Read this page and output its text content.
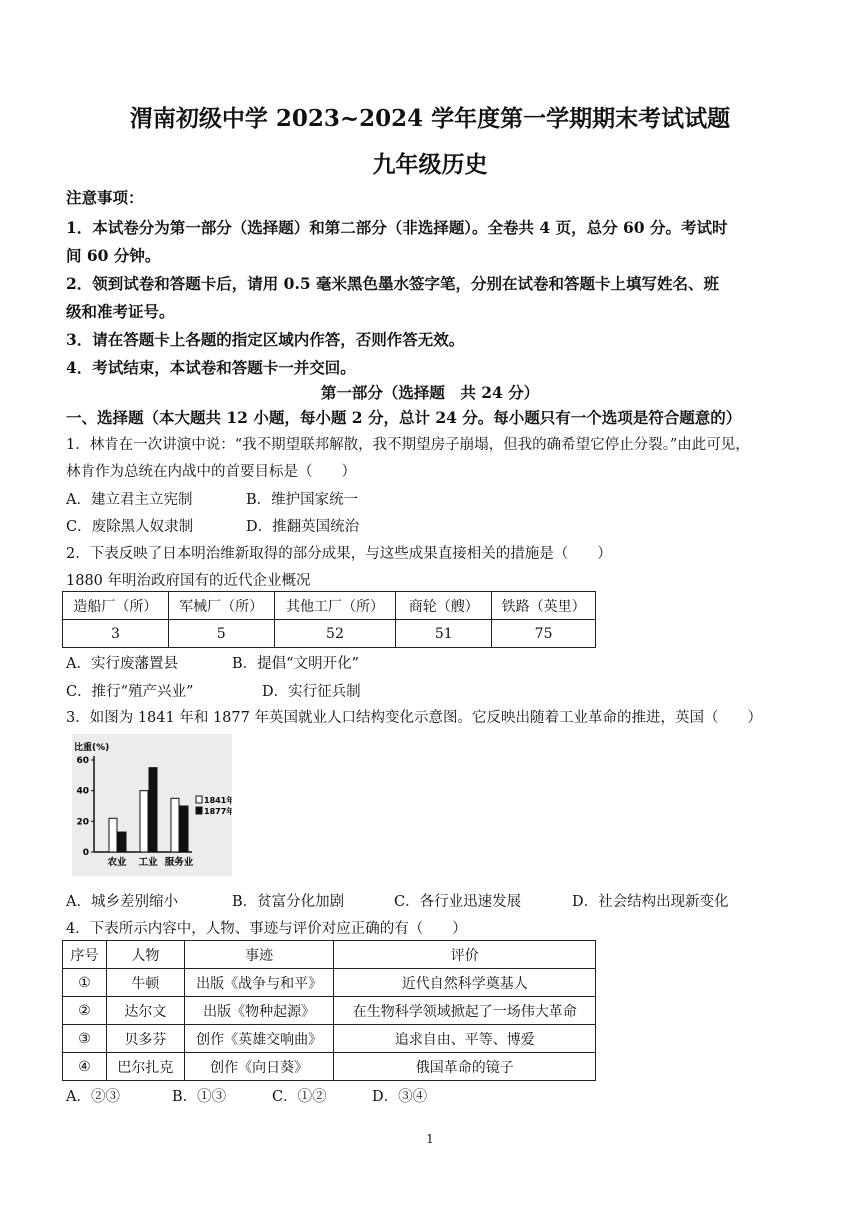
渭南初级中学 2023~2024 学年度第一学期期末考试试题
九年级历史
注意事项：
1．本试卷分为第一部分（选择题）和第二部分（非选择题）。全卷共 4 页，总分 60 分。考试时
间 60 分钟。
2．领到试卷和答题卡后，请用 0.5 毫米黑色墨水签字笔，分别在试卷和答题卡上填写姓名、班
级和准考证号。
3．请在答题卡上各题的指定区域内作答，否则作答无效。
4．考试结束，本试卷和答题卡一并交回。
第一部分（选择题　共 24 分）
一、选择题（本大题共 12 小题，每小题 2 分，总计 24 分。每小题只有一个选项是符合题意的）
1．林肯在一次讲演中说：“我不期望联邦解散，我不期望房子崩塌，但我的确希望它停止分裂。”由此可见，
林肯作为总统在内战中的首要目标是（　　）
A．建立君主立宪制	B．维护国家统一
C．废除黑人奴隶制	D．推翻英国统治
2．下表反映了日本明治维新取得的部分成果，与这些成果直接相关的措施是（　　）
1880 年明治政府国有的近代企业概况
造船厂（所）	军械厂（所）	其他工厂（所）	商轮（艘）	铁路（英里）
3	5	52	51	75
A．实行废藩置县	B．提倡“文明开化”
C．推行“殖产兴业”	D．实行征兵制
3．如图为 1841 年和 1877 年英国就业人口结构变化示意图。它反映出随着工业革命的推进，英国（　　）
比重(%)
0
20
40
60
农业 工业 服务业
1841年
1877年
A．城乡差别缩小	B．贫富分化加剧	C．各行业迅速发展	D．社会结构出现新变化
4．下表所示内容中，人物、事迹与评价对应正确的有（　　）
序号	人物	事迹	评价
①	牛顿	出版《战争与和平》	近代自然科学奠基人
②	达尔文	出版《物种起源》	在生物科学领域掀起了一场伟大革命
③	贝多芬	创作《英雄交响曲》	追求自由、平等、博爱
④	巴尔扎克	创作《向日葵》	俄国革命的镜子
A．②③	B．①③	C．①②	D．③④
1
